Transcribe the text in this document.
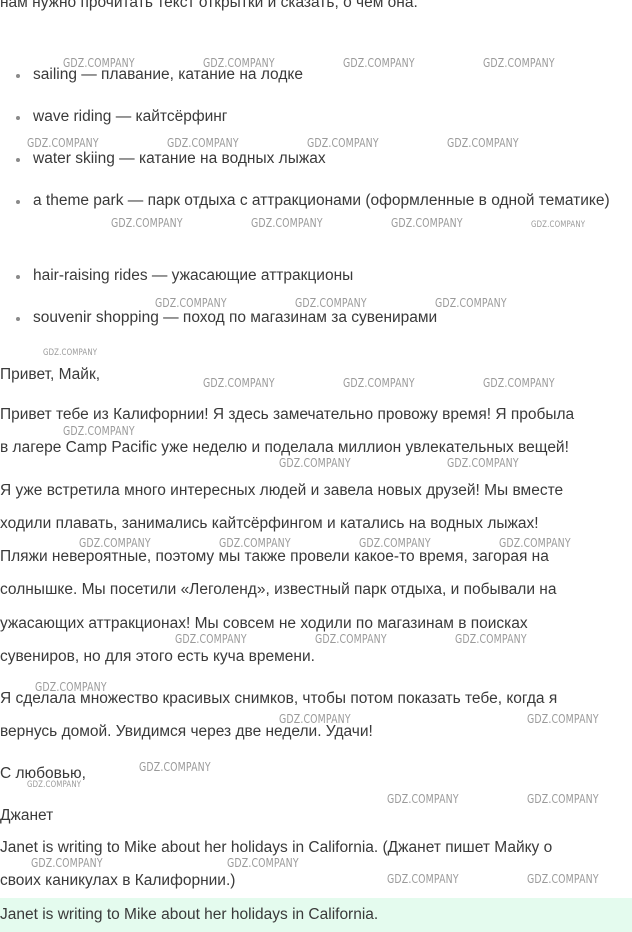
нам нужно прочитать текст открытки и сказать, о чем она.
sailing — плавание, катание на лодке
wave riding — кайтсёрфинг
water skiing — катание на водных лыжах
a theme park — парк отдыха с аттракционами (оформленные в одной тематике)
hair-raising rides — ужасающие аттракционы
souvenir shopping — поход по магазинам за сувенирами
Привет, Майк,
Привет тебе из Калифорнии! Я здесь замечательно провожу время! Я пробыла
в лагере Camp Pacific уже неделю и поделала миллион увлекательных вещей!
Я уже встретила много интересных людей и завела новых друзей! Мы вместе
ходили плавать, занимались кайтсёрфингом и катались на водных лыжах!
Пляжи невероятные, поэтому мы также провели какое-то время, загорая на
солнышке. Мы посетили «Леголенд», известный парк отдыха, и побывали на
ужасающих аттракционах! Мы совсем не ходили по магазинам в поисках
сувениров, но для этого есть куча времени.
Я сделала множество красивых снимков, чтобы потом показать тебе, когда я
вернусь домой. Увидимся через две недели. Удачи!
С любовью,
Джанет
Janet is writing to Mike about her holidays in California. (Джанет пишет Майку о
своих каникулах в Калифорнии.)
Janet is writing to Mike about her holidays in California.
GDZ.COMPANY	GDZ.COMPANY	GDZ.COMPANY	GDZ.COMPANY
GDZ.COMPANY	GDZ.COMPANY	GDZ.COMPANY	GDZ.COMPANY
GDZ.COMPANY	GDZ.COMPANY	GDZ.COMPANY	GDZ.COMPANY
GDZ.COMPANY	GDZ.COMPANY	GDZ.COMPANY
GDZ.COMPANY
GDZ.COMPANY	GDZ.COMPANY	GDZ.COMPANY
GDZ.COMPANY
GDZ.COMPANY	GDZ.COMPANY
GDZ.COMPANY	GDZ.COMPANY	GDZ.COMPANY	GDZ.COMPANY
GDZ.COMPANY	GDZ.COMPANY	GDZ.COMPANY
GDZ.COMPANY
GDZ.COMPANY	GDZ.COMPANY
GDZ.COMPANY
GDZ.COMPANY
GDZ.COMPANY	GDZ.COMPANY
GDZ.COMPANY	GDZ.COMPANY
GDZ.COMPANY	GDZ.COMPANY
